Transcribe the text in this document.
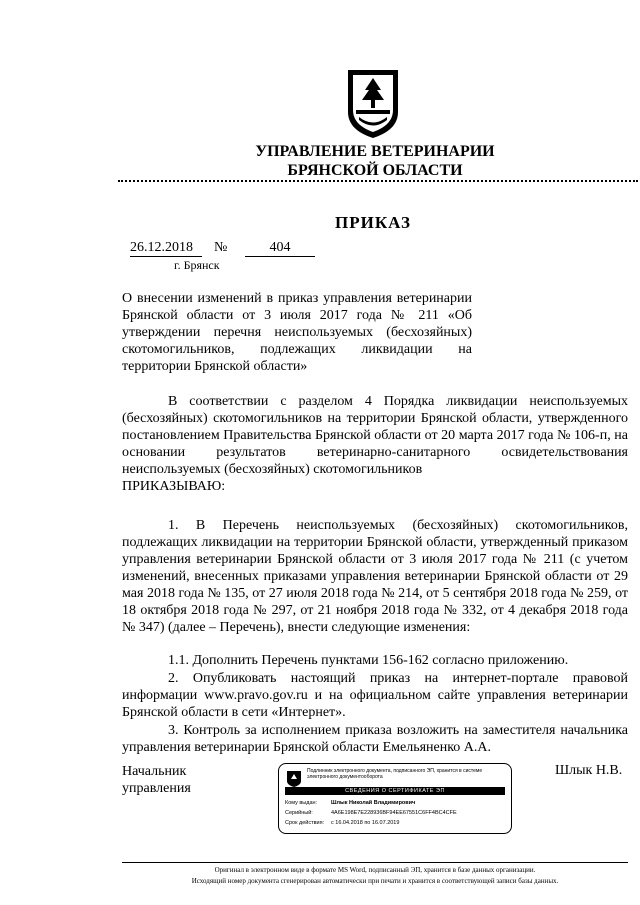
УПРАВЛЕНИЕ ВЕТЕРИНАРИИ
БРЯНСКОЙ ОБЛАСТИ
ПРИКАЗ
26.12.2018	№	404
г. Брянск
О внесении изменений в приказ управления ветеринарии Брянской области от 3 июля 2017 года № 211 «Об утверждении перечня неиспользуемых (бесхозяйных) скотомогильников, подлежащих ликвидации на территории Брянской области»
В соответствии с разделом 4 Порядка ликвидации неиспользуемых (бесхозяйных) скотомогильников на территории Брянской области, утвержденного постановлением Правительства Брянской области от 20 марта 2017 года № 106-п, на основании результатов ветеринарно-санитарного освидетельствования неиспользуемых (бесхозяйных) скотомогильников
ПРИКАЗЫВАЮ:
1. В Перечень неиспользуемых (бесхозяйных) скотомогильников, подлежащих ликвидации на территории Брянской области, утвержденный приказом управления ветеринарии Брянской области от 3 июля 2017 года № 211 (с учетом изменений, внесенных приказами управления ветеринарии Брянской области от 29 мая 2018 года № 135, от 27 июля 2018 года № 214, от 5 сентября 2018 года № 259, от 18 октября 2018 года № 297, от 21 ноября 2018 года № 332, от 4 декабря 2018 года № 347) (далее – Перечень), внести следующие изменения:
1.1. Дополнить Перечень пунктами 156-162 согласно приложению.
2. Опубликовать настоящий приказ на интернет-портале правовой информации www.pravo.gov.ru и на официальном сайте управления ветеринарии Брянской области в сети «Интернет».
3. Контроль за исполнением приказа возложить на заместителя начальника управления ветеринарии Брянской области Емельяненко А.А.
Начальник
управления
Шлык Н.В.
Подлинник электронного документа, подписанного ЭП, хранится в системе электронного документооборота
СВЕДЕНИЯ О СЕРТИФИКАТЕ ЭП
Кому выдан:	Шлык Николай Владимирович
Серийный:	4A6E198E7E228936BF94EE67551C6FF4BC4CFE
Срок действия: с 16.04.2018 по 16.07.2019
Оригинал в электронном виде в формате MS Word, подписанный ЭП, хранится в базе данных организации.
Исходящий номер документа сгенерирован автоматически при печати и хранится в соответствующей записи базы данных.
